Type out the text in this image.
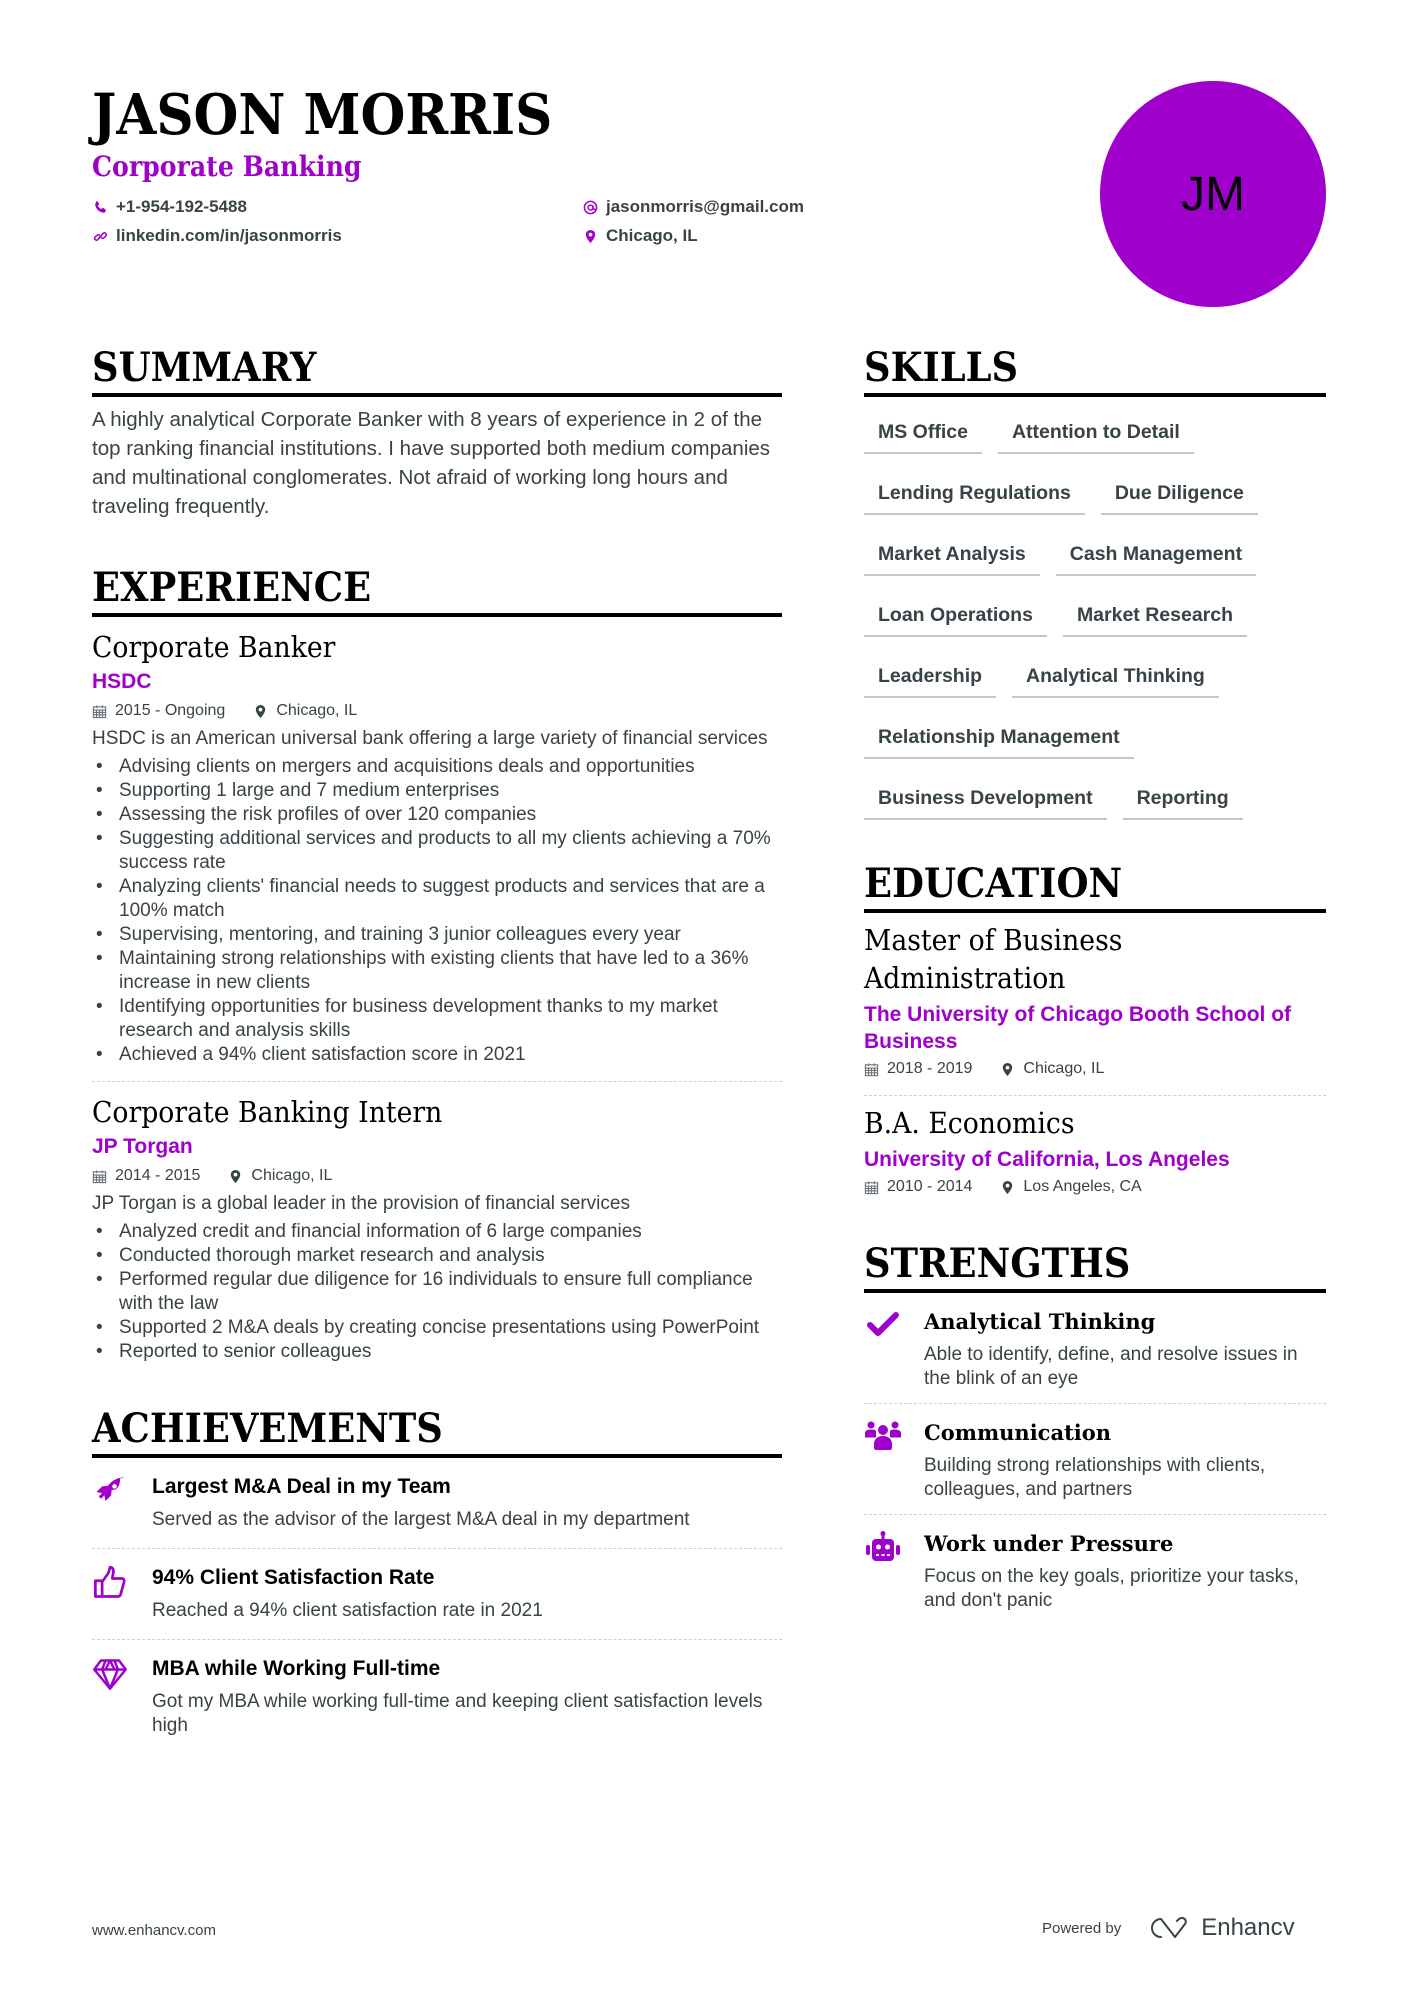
JASON MORRIS
Corporate Banking
+1-954-192-5488	jasonmorris@gmail.com
linkedin.com/in/jasonmorris	Chicago, IL
JM
SUMMARY

A highly analytical Corporate Banker with 8 years of experience in 2 of the top ranking financial institutions. I have supported both medium companies and multinational conglomerates. Not afraid of working long hours and traveling frequently.

EXPERIENCE
Corporate Banker
HSDC
2015 - Ongoing	Chicago, IL
HSDC is an American universal bank offering a large variety of financial services
• Advising clients on mergers and acquisitions deals and opportunities
• Supporting 1 large and 7 medium enterprises
• Assessing the risk profiles of over 120 companies
• Suggesting additional services and products to all my clients achieving a 70% success rate
• Analyzing clients' financial needs to suggest products and services that are a 100% match
• Supervising, mentoring, and training 3 junior colleagues every year
• Maintaining strong relationships with existing clients that have led to a 36% increase in new clients
• Identifying opportunities for business development thanks to my market research and analysis skills
• Achieved a 94% client satisfaction score in 2021
Corporate Banking Intern
JP Torgan
2014 - 2015	Chicago, IL
JP Torgan is a global leader in the provision of financial services
• Analyzed credit and financial information of 6 large companies
• Conducted thorough market research and analysis
• Performed regular due diligence for 16 individuals to ensure full compliance with the law
• Supported 2 M&A deals by creating concise presentations using PowerPoint
• Reported to senior colleagues
ACHIEVEMENTS
Largest M&A Deal in my Team
Served as the advisor of the largest M&A deal in my department
94% Client Satisfaction Rate
Reached a 94% client satisfaction rate in 2021
MBA while Working Full-time
Got my MBA while working full-time and keeping client satisfaction levels high
SKILLS
MS Office	Attention to Detail
Lending Regulations	Due Diligence
Market Analysis	Cash Management
Loan Operations	Market Research
Leadership	Analytical Thinking
Relationship Management
Business Development	Reporting
EDUCATION
Master of Business Administration
The University of Chicago Booth School of Business
2018 - 2019	Chicago, IL
B.A. Economics
University of California, Los Angeles
2010 - 2014	Los Angeles, CA
STRENGTHS
Analytical Thinking
Able to identify, define, and resolve issues in the blink of an eye
Communication
Building strong relationships with clients, colleagues, and partners
Work under Pressure
Focus on the key goals, prioritize your tasks, and don't panic
www.enhancv.com	Powered by	Enhancv
